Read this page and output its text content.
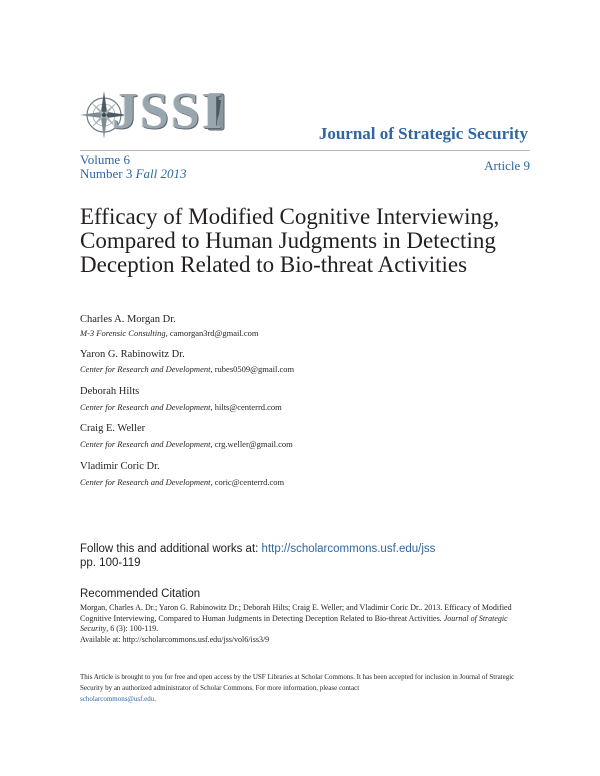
JSSI	Journal of Strategic Security
Volume 6
Number 3 Fall 2013
Article 9
Efficacy of Modified Cognitive Interviewing, Compared to Human Judgments in Detecting Deception Related to Bio-threat Activities
Charles A. Morgan Dr.
M-3 Forensic Consulting, camorgan3rd@gmail.com
Yaron G. Rabinowitz Dr.
Center for Research and Development, rubes0509@gmail.com
Deborah Hilts
Center for Research and Development, hilts@centerrd.com
Craig E. Weller
Center for Research and Development, crg.weller@gmail.com
Vladimir Coric Dr.
Center for Research and Development, coric@centerrd.com
Follow this and additional works at: http://scholarcommons.usf.edu/jss
pp. 100-119
Recommended Citation
Morgan, Charles A. Dr.; Yaron G. Rabinowitz Dr.; Deborah Hilts; Craig E. Weller; and Vladimir Coric Dr.. 2013. Efficacy of Modified Cognitive Interviewing, Compared to Human Judgments in Detecting Deception Related to Bio-threat Activities. Journal of Strategic Security, 6 (3): 100-119.
Available at: http://scholarcommons.usf.edu/jss/vol6/iss3/9
This Article is brought to you for free and open access by the USF Libraries at Scholar Commons. It has been accepted for inclusion in Journal of Strategic Security by an authorized administrator of Scholar Commons. For more information, please contact
scholarcommons@usf.edu.
